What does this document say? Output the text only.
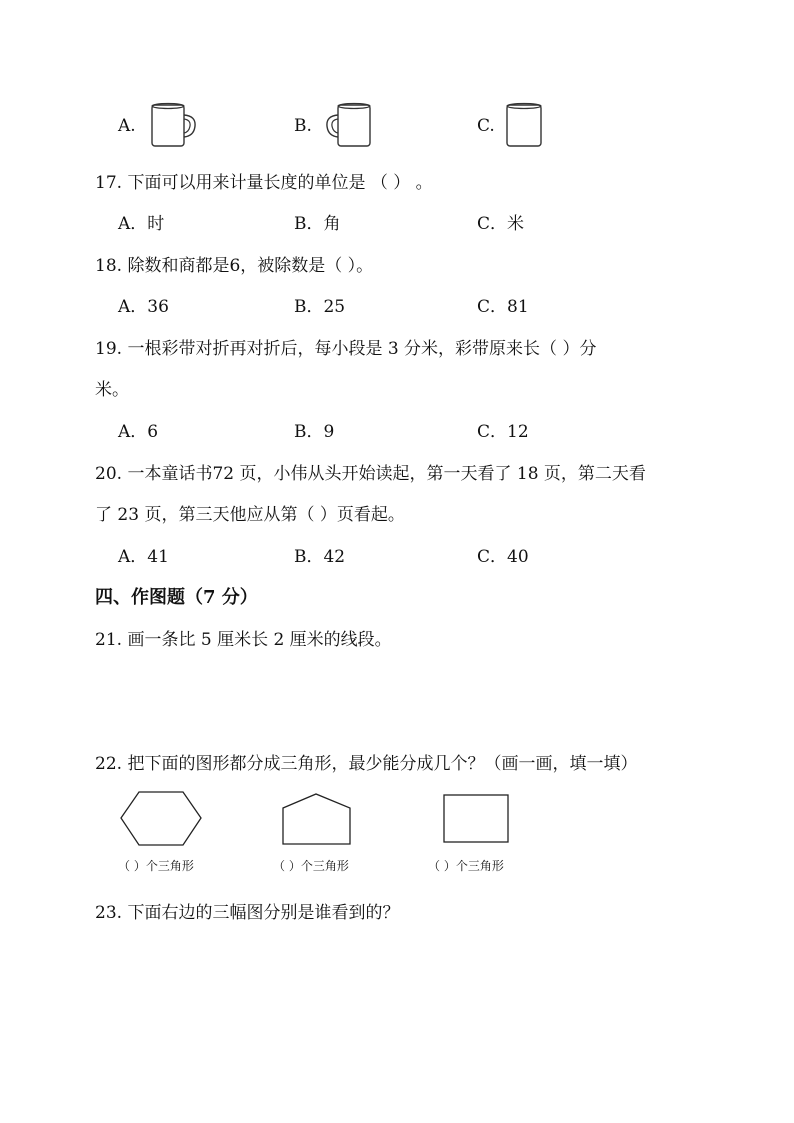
A.	B.	C.
17. 下面可以用来计量长度的单位是 （ ） 。
A．时	B．角	C．米
18. 除数和商都是6，被除数是（ ）。
A．36	B．25	C．81
19. 一根彩带对折再对折后，每小段是 3 分米，彩带原来长（ ）分
米。
A．6	B．9	C．12
20. 一本童话书72 页，小伟从头开始读起，第一天看了 18 页，第二天看
了 23 页，第三天他应从第（ ）页看起。
A．41	B．42	C．40
四、作图题（7 分）
21. 画一条比 5 厘米长 2 厘米的线段。
22. 把下面的图形都分成三角形，最少能分成几个？（画一画，填一填）
（ ）个三角形	（ ）个三角形	（ ）个三角形
23. 下面右边的三幅图分别是谁看到的？
